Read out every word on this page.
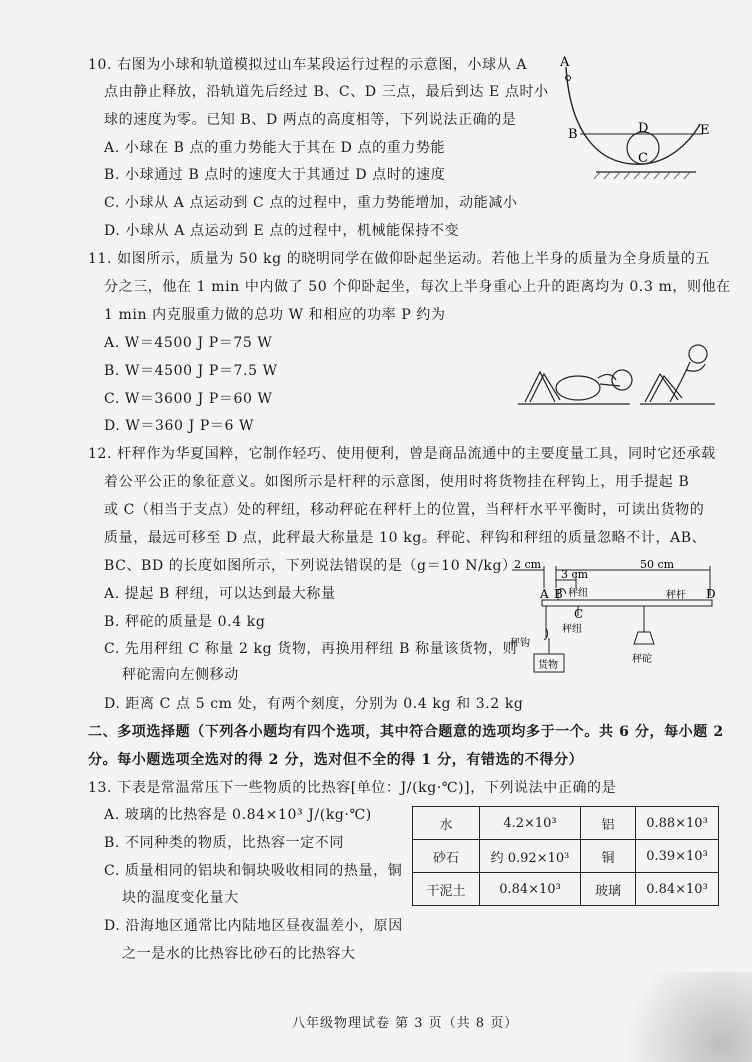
10. 右图为小球和轨道模拟过山车某段运行过程的示意图，小球从 A
点由静止释放，沿轨道先后经过 B、C、D 三点，最后到达 E 点时小
球的速度为零。已知 B、D 两点的高度相等，下列说法正确的是
A. 小球在 B 点的重力势能大于其在 D 点的重力势能
B. 小球通过 B 点时的速度大于其通过 D 点时的速度
C. 小球从 A 点运动到 C 点的过程中，重力势能增加，动能减小
D. 小球从 A 点运动到 E 点的过程中，机械能保持不变
A
B	D
C
E
11. 如图所示，质量为 50 kg 的晓明同学在做仰卧起坐运动。若他上半身的质量为全身质量的五
分之三，他在 1 min 中内做了 50 个仰卧起坐，每次上半身重心上升的距离均为 0.3 m，则他在
1 min 内克服重力做的总功 W 和相应的功率 P 约为
A. W＝4500 J P＝75 W
B. W＝4500 J P＝7.5 W
C. W＝3600 J P＝60 W
D. W＝360 J P＝6 W
12. 杆秤作为华夏国粹，它制作轻巧、使用便利，曾是商品流通中的主要度量工具，同时它还承载
着公平公正的象征意义。如图所示是杆秤的示意图，使用时将货物挂在秤钩上，用手提起 B
或 C（相当于支点）处的秤纽，移动秤砣在秤杆上的位置，当秤杆水平平衡时，可读出货物的
质量，最远可移至 D 点，此秤最大称量是 10 kg。秤砣、秤钩和秤纽的质量忽略不计，AB、
BC、BD 的长度如图所示，下列说法错误的是（g＝10 N/kg）
A. 提起 B 秤纽，可以达到最大称量
B. 秤砣的质量是 0.4 kg
C. 先用秤纽 C 称量 2 kg 货物，再换用秤纽 B 称量该货物，则
秤砣需向左侧移动
D. 距离 C 点 5 cm 处，有两个刻度，分别为 0.4 kg 和 3.2 kg
2 cm
3 cm
50 cm
A B
C
D
秤纽
秤纽
秤钩
秤杆
货物
秤砣
二、多项选择题（下列各小题均有四个选项，其中符合题意的选项均多于一个。共 6 分，每小题 2
分。每小题选项全选对的得 2 分，选对但不全的得 1 分，有错选的不得分）
13. 下表是常温常压下一些物质的比热容[单位：J/(kg·℃)]，下列说法中正确的是
A. 玻璃的比热容是 0.84×10³ J/(kg·℃)
B. 不同种类的物质，比热容一定不同
C. 质量相同的铝块和铜块吸收相同的热量，铜
块的温度变化量大
D. 沿海地区通常比内陆地区昼夜温差小，原因
之一是水的比热容比砂石的比热容大
水	4.2×10³	铝	0.88×10³
砂石	约 0.92×10³	铜	0.39×10³
干泥土	0.84×10³	玻璃	0.84×10³
八年级物理试卷 第 3 页（共 8 页）
